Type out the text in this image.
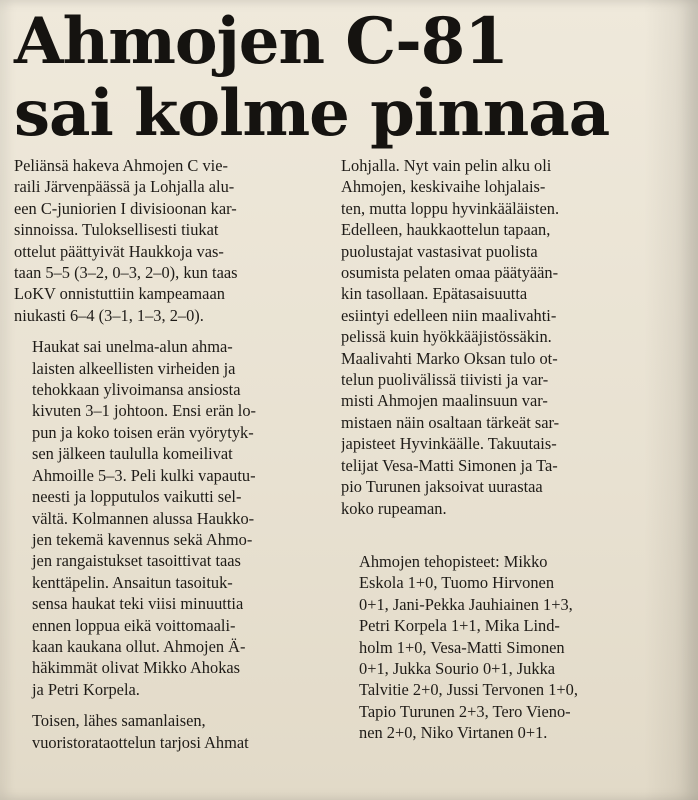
Ahmojen C-81
sai kolme pinnaa

Peliänsä hakeva Ahmojen C vie-
raili Järvenpäässä ja Lohjalla alu-
een C-juniorien I divisioonan kar-
sinnoissa. Tuloksellisesti tiukat
ottelut päättyivät Haukkoja vas-
taan 5–5 (3–2, 0–3, 2–0), kun taas
LoKV onnistuttiin kampeamaan
niukasti 6–4 (3–1, 1–3, 2–0).

Haukat sai unelma-alun ahma-
laisten alkeellisten virheiden ja
tehokkaan ylivoimansa ansiosta
kivuten 3–1 johtoon. Ensi erän lo-
pun ja koko toisen erän vyörytyk-
sen jälkeen taululla komeilivat
Ahmoille 5–3. Peli kulki vapautu-
neesti ja lopputulos vaikutti sel-
vältä. Kolmannen alussa Haukko-
jen tekemä kavennus sekä Ahmo-
jen rangaistukset tasoittivat taas
kenttäpelin. Ansaitun tasoituk-
sensa haukat teki viisi minuuttia
ennen loppua eikä voittomaali-
kaan kaukana ollut. Ahmojen Ä-
häkimmät olivat Mikko Ahokas
ja Petri Korpela.

Toisen, lähes samanlaisen,
vuoristorataottelun tarjosi Ahmat

Lohjalla. Nyt vain pelin alku oli
Ahmojen, keskivaihe lohjalais-
ten, mutta loppu hyvinkääläisten.
Edelleen, haukkaottelun tapaan,
puolustajat vastasivat puolista
osumista pelaten omaa päätyään-
kin tasollaan. Epätasaisuutta
esiintyi edelleen niin maalivahti-
pelissä kuin hyökkääjistössäkin.
Maalivahti Marko Oksan tulo ot-
telun puolivälissä tiivisti ja var-
misti Ahmojen maalinsuun var-
mistaen näin osaltaan tärkeät sar-
japisteet Hyvinkäälle. Takuutais-
telijat Vesa-Matti Simonen ja Ta-
pio Turunen jaksoivat uurastaa
koko rupeaman.

Ahmojen tehopisteet: Mikko
Eskola 1+0, Tuomo Hirvonen
0+1, Jani-Pekka Jauhiainen 1+3,
Petri Korpela 1+1, Mika Lind-
holm 1+0, Vesa-Matti Simonen
0+1, Jukka Sourio 0+1, Jukka
Talvitie 2+0, Jussi Tervonen 1+0,
Tapio Turunen 2+3, Tero Vieno-
nen 2+0, Niko Virtanen 0+1.
